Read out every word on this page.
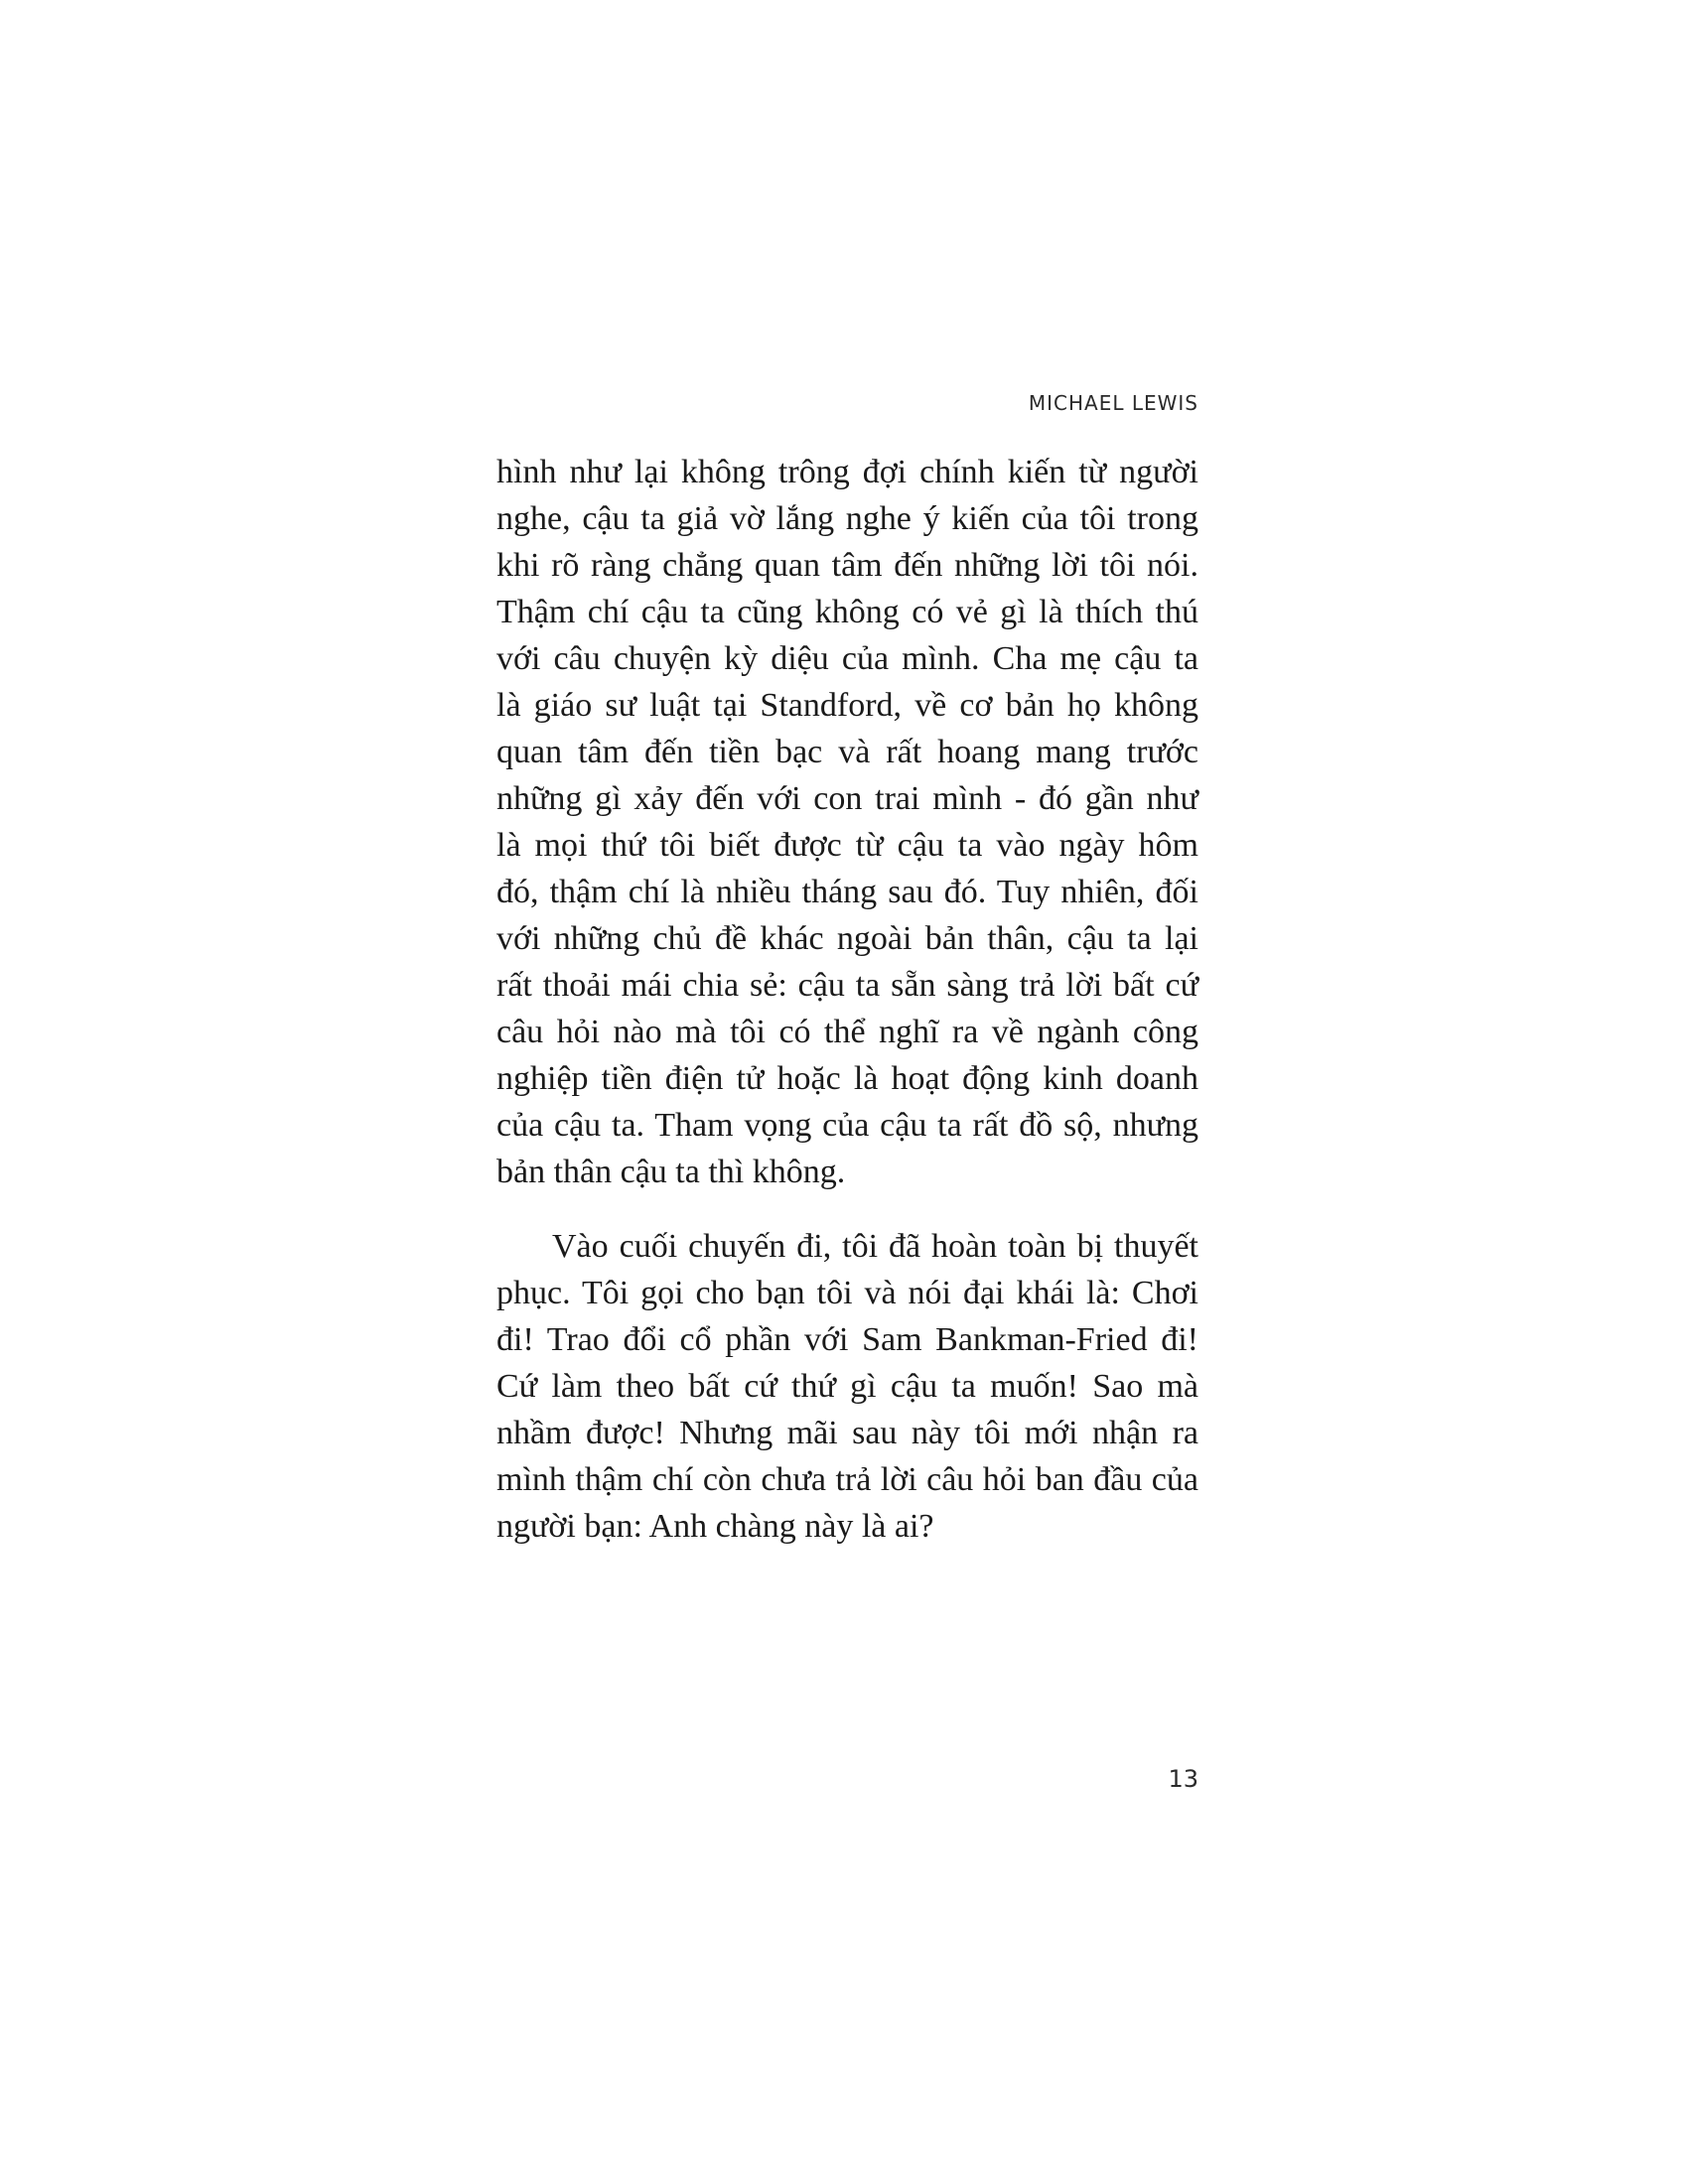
MICHAEL LEWIS

hình như lại không trông đợi chính kiến từ người
nghe, cậu ta giả vờ lắng nghe ý kiến của tôi trong
khi rõ ràng chẳng quan tâm đến những lời tôi nói.
Thậm chí cậu ta cũng không có vẻ gì là thích thú
với câu chuyện kỳ diệu của mình. Cha mẹ cậu ta
là giáo sư luật tại Standford, về cơ bản họ không
quan tâm đến tiền bạc và rất hoang mang trước
những gì xảy đến với con trai mình - đó gần như
là mọi thứ tôi biết được từ cậu ta vào ngày hôm
đó, thậm chí là nhiều tháng sau đó. Tuy nhiên, đối
với những chủ đề khác ngoài bản thân, cậu ta lại
rất thoải mái chia sẻ: cậu ta sẵn sàng trả lời bất cứ
câu hỏi nào mà tôi có thể nghĩ ra về ngành công
nghiệp tiền điện tử hoặc là hoạt động kinh doanh
của cậu ta. Tham vọng của cậu ta rất đồ sộ, nhưng
bản thân cậu ta thì không.

Vào cuối chuyến đi, tôi đã hoàn toàn bị thuyết
phục. Tôi gọi cho bạn tôi và nói đại khái là: Chơi
đi! Trao đổi cổ phần với Sam Bankman-Fried đi!
Cứ làm theo bất cứ thứ gì cậu ta muốn! Sao mà
nhầm được! Nhưng mãi sau này tôi mới nhận ra
mình thậm chí còn chưa trả lời câu hỏi ban đầu của
người bạn: Anh chàng này là ai?

13
